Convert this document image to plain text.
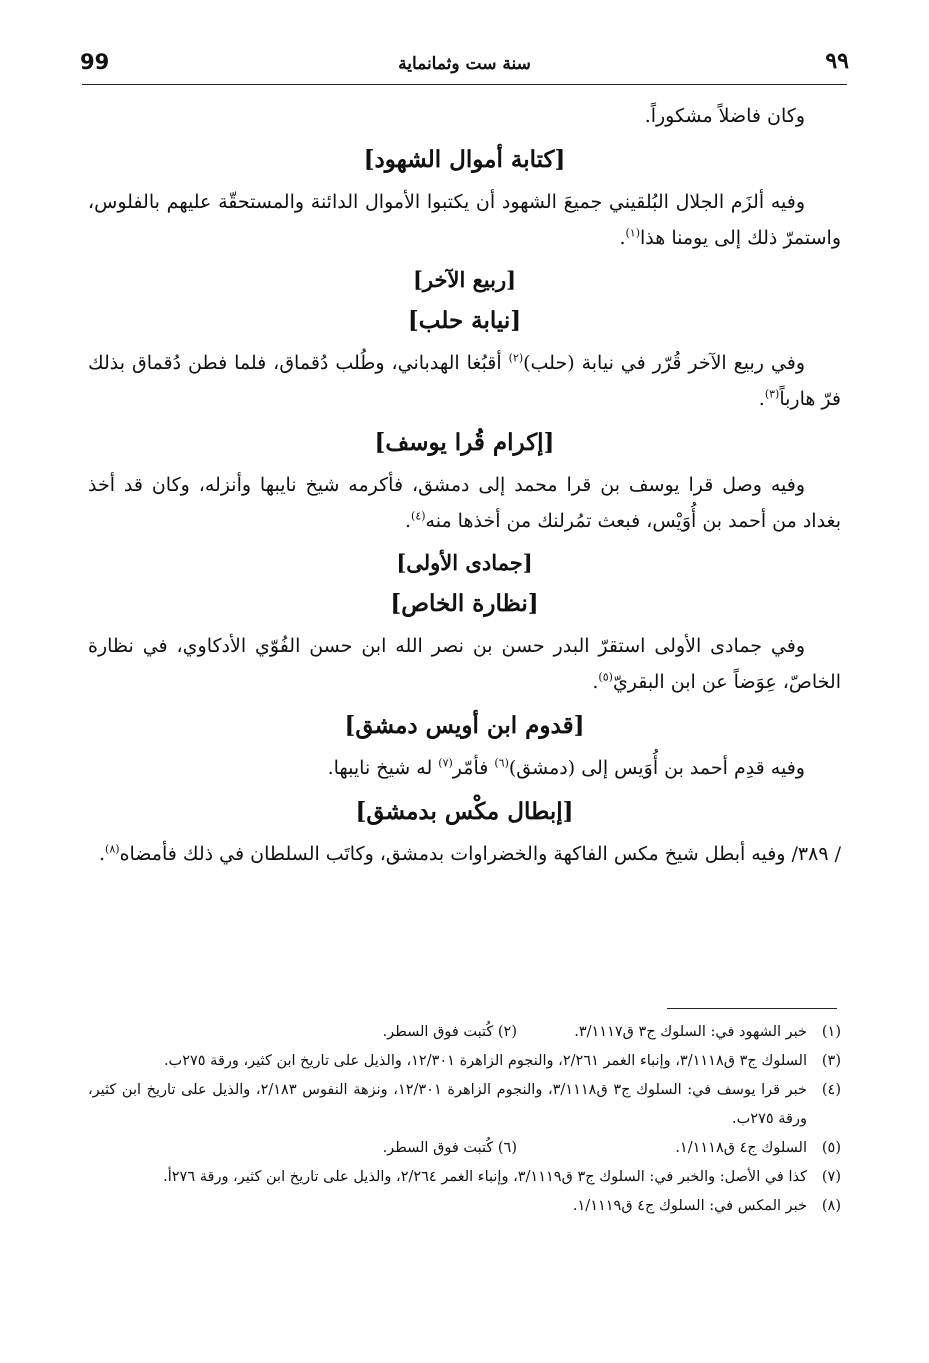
٩٩
سنة ست وثمانماية
99

وكان فاضلاً مشكوراً.

[كتابة أموال الشهود]

وفيه ألزَم الجلال البُلقيني جميعَ الشهود أن يكتبوا الأموال الدائنة والمستحقّة عليهم بالفلوس، واستمرّ ذلك إلى يومنا هذا$^{(١)}$.

[ربيع الآخر]
[نيابة حلب]

وفي ربيع الآخر قُرّر في نيابة (حلب)$^{(٢)}$ أقبُغا الهدباني، وطُلب دُقماق، فلما فطن دُقماق بذلك فرّ هارباً$^{(٣)}$.

[إكرام قُرا يوسف]

وفيه وصل قرا يوسف بن قرا محمد إلى دمشق، فأكرمه شيخ نايبها وأنزله، وكان قد أخذ بغداد من أحمد بن أُوَيْس، فبعث تمُرلنك من أخذها منه$^{(٤)}$.

[جمادى الأولى]
[نظارة الخاص]

وفي جمادى الأولى استقرّ البدر حسن بن نصر الله ابن حسن الفُوّي الأدكاوي، في نظارة الخاصّ، عِوَضاً عن ابن البقريّ$^{(٥)}$.

[قدوم ابن أويس دمشق]

وفيه قدِم أحمد بن أُوَيس إلى (دمشق)$^{(٦)}$ فأمّر$^{(٧)}$ له شيخ نايبها.

[إبطال مكْس بدمشق]

/ ٣٨٩/ وفيه أبطل شيخ مكس الفاكهة والخضراوات بدمشق، وكاتَب السلطان في ذلك فأمضاه$^{(٨)}$.

(١)
خبر الشهود في: السلوك ج٣ ق٣/١١١٧.
(٢) كُتبت فوق السطر.
(٣)
السلوك ج٣ ق٣/١١١٨، وإنباء الغمر ٢/٢٦١، والنجوم الزاهرة ١٢/٣٠١، والذيل على تاريخ ابن كثير، ورقة ٢٧٥ب.
(٤)
خبر قرا يوسف في: السلوك ج٣ ق٣/١١١٨، والنجوم الزاهرة ١٢/٣٠١، ونزهة النفوس ٢/١٨٣، والذيل على تاريخ ابن كثير، ورقة ٢٧٥ب.
(٥)
السلوك ج٤ ق١/١١١٨.
(٦) كُتبت فوق السطر.
(٧)
كذا في الأصل: والخبر في: السلوك ج٣ ق٣/١١١٩، وإنباء الغمر ٢/٢٦٤، والذيل على تاريخ ابن كثير، ورقة ٢٧٦أ.
(٨)
خبر المكس في: السلوك ج٤ ق١/١١١٩.
